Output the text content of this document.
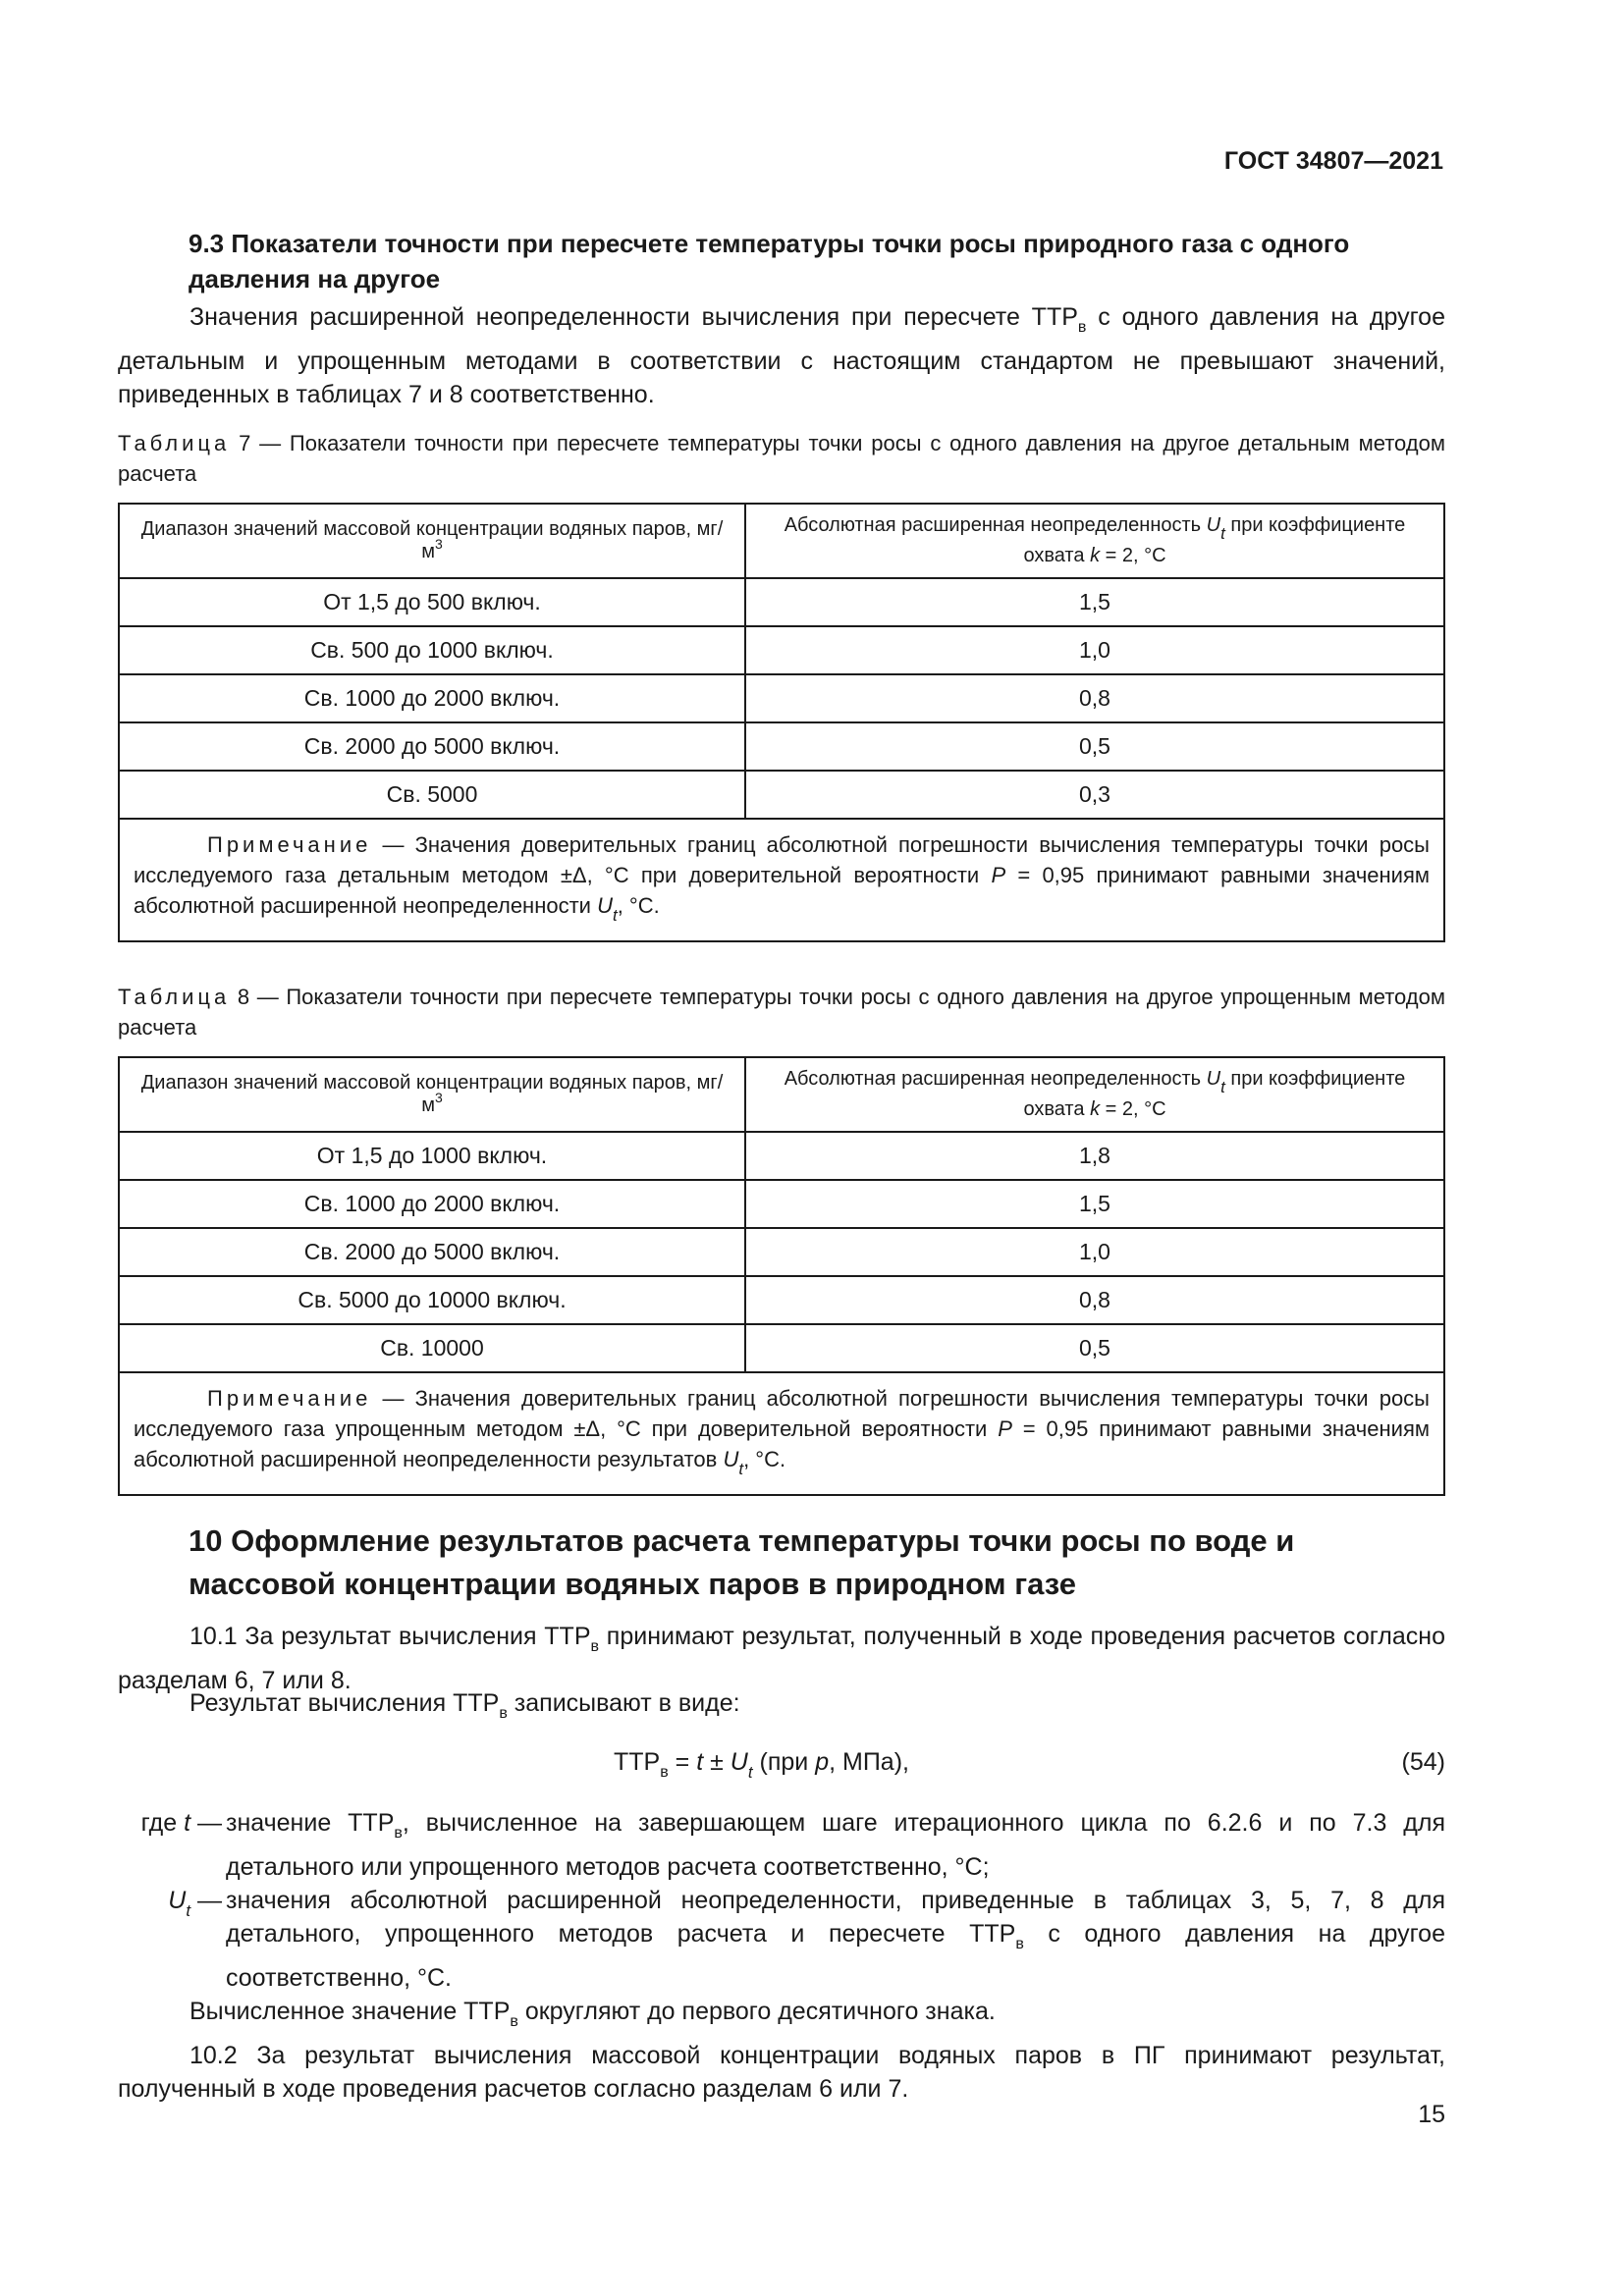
ГОСТ 34807—2021
9.3 Показатели точности при пересчете температуры точки росы природного газа с одного давления на другое
Значения расширенной неопределенности вычисления при пересчете $ТТР_в$ с одного давления на другое детальным и упрощенным методами в соответствии с настоящим стандартом не превышают значений, приведенных в таблицах 7 и 8 соответственно.
Таблица 7 — Показатели точности при пересчете температуры точки росы с одного давления на другое детальным методом расчета
Диапазон значений массовой концентрации водяных паров, $мг/м^3$	Абсолютная расширенная неопределенность $U_t$ при коэффициенте охвата k = 2, °С
От 1,5 до 500 включ.	1,5
Св. 500 до 1000 включ.	1,0
Св. 1000 до 2000 включ.	0,8
Св. 2000 до 5000 включ.	0,5
Св. 5000	0,3
Примечание — Значения доверительных границ абсолютной погрешности вычисления температуры точки росы исследуемого газа детальным методом ±Δ, °С при доверительной вероятности P = 0,95 принимают равными значениям абсолютной расширенной неопределенности $U_t$, °С.	
Таблица 8 — Показатели точности при пересчете температуры точки росы с одного давления на другое упрощенным методом расчета
Диапазон значений массовой концентрации водяных паров, $мг/м^3$	Абсолютная расширенная неопределенность $U_t$ при коэффициенте охвата k = 2, °С
От 1,5 до 1000 включ.	1,8
Св. 1000 до 2000 включ.	1,5
Св. 2000 до 5000 включ.	1,0
Св. 5000 до 10000 включ.	0,8
Св. 10000	0,5
Примечание — Значения доверительных границ абсолютной погрешности вычисления температуры точки росы исследуемого газа упрощенным методом ±Δ, °С при доверительной вероятности P = 0,95 принимают равными значениям абсолютной расширенной неопределенности результатов $U_t$, °С.	
10 Оформление результатов расчета температуры точки росы по воде и массовой концентрации водяных паров в природном газе
10.1 За результат вычисления $ТТР_в$ принимают результат, полученный в ходе проведения расчетов согласно разделам 6, 7 или 8.
Результат вычисления $ТТР_в$ записывают в виде:
$ТТР_в = t \pm U_t$ (при p, МПа),	(54)
где t — значение $ТТР_в$, вычисленное на завершающем шаге итерационного цикла по 6.2.6 и по 7.3 для детального или упрощенного методов расчета соответственно, °С;
$U_t$ — значения абсолютной расширенной неопределенности, приведенные в таблицах 3, 5, 7, 8 для детального, упрощенного методов расчета и пересчете $ТТР_в$ с одного давления на другое соответственно, °С.
Вычисленное значение $ТТР_в$ округляют до первого десятичного знака.
10.2 За результат вычисления массовой концентрации водяных паров в ПГ принимают результат, полученный в ходе проведения расчетов согласно разделам 6 или 7.
15
